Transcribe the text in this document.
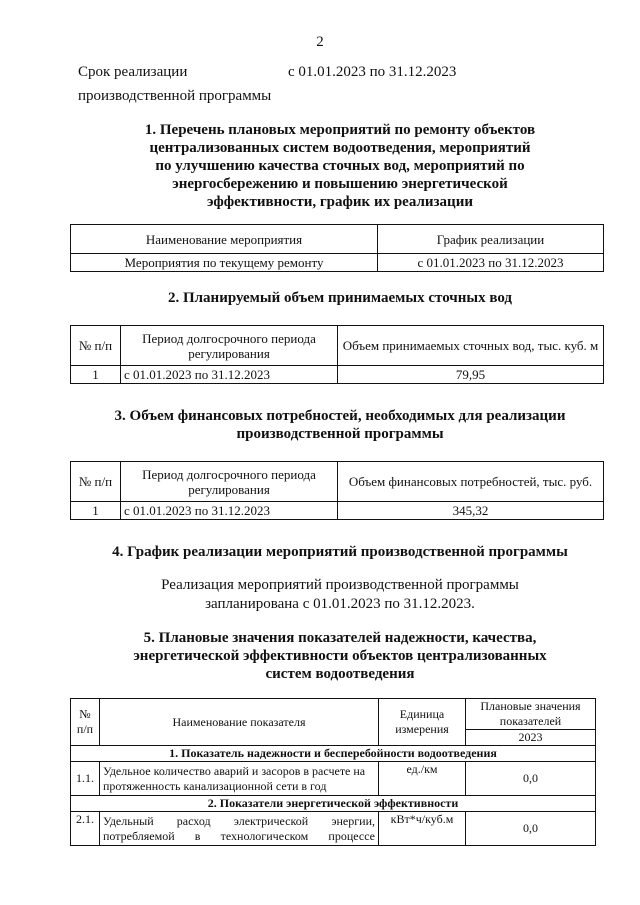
2
Срок реализации
производственной программы
с 01.01.2023 по 31.12.2023
1. Перечень плановых мероприятий по ремонту объектов
централизованных систем водоотведения, мероприятий
по улучшению качества сточных вод, мероприятий по
энергосбережению и повышению энергетической
эффективности, график их реализации
Наименование мероприятия	График реализации
Мероприятия по текущему ремонту	с 01.01.2023 по 31.12.2023
2. Планируемый объем принимаемых сточных вод
№ п/п	Период долгосрочного периода регулирования	Объем принимаемых сточных вод, тыс. куб. м
1	с 01.01.2023 по 31.12.2023	79,95
3. Объем финансовых потребностей, необходимых для реализации
производственной программы
№ п/п	Период долгосрочного периода регулирования	Объем финансовых потребностей, тыс. руб.
1	с 01.01.2023 по 31.12.2023	345,32
4. График реализации мероприятий производственной программы
Реализация мероприятий производственной программы
запланирована с 01.01.2023 по 31.12.2023.
5. Плановые значения показателей надежности, качества,
энергетической эффективности объектов централизованных
систем водоотведения
№ п/п	Наименование показателя	Единица измерения	Плановые значения показателей
			2023
1. Показатель надежности и бесперебойности водоотведения			
1.1.	Удельное количество аварий и засоров в расчете на протяженность канализационной сети в год	ед./км	0,0
2. Показатели энергетической эффективности			
2.1.	Удельный расход электрической энергии,
потребляемой в технологическом процессе	кВт*ч/куб.м	0,0
